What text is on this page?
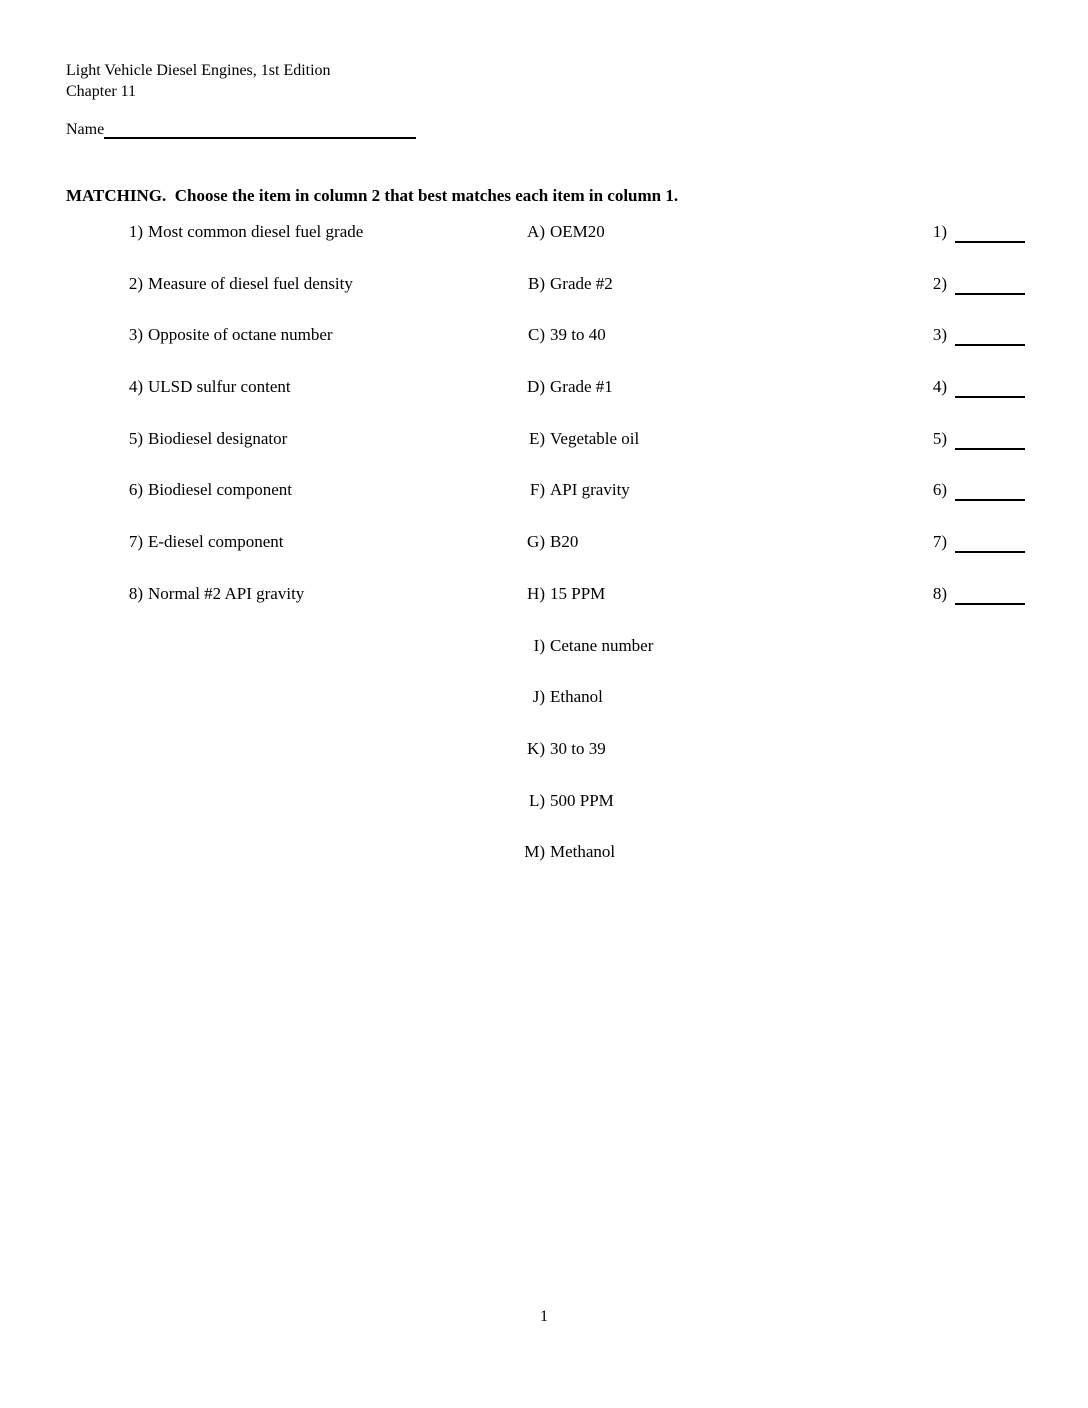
Light Vehicle Diesel Engines, 1st Edition
Chapter 11
Name
MATCHING.  Choose the item in column 2 that best matches each item in column 1.
1) Most common diesel fuel grade
2) Measure of diesel fuel density
3) Opposite of octane number
4) ULSD sulfur content
5) Biodiesel designator
6) Biodiesel component
7) E-diesel component
8) Normal #2 API gravity
A) OEM20
B) Grade #2
C) 39 to 40
D) Grade #1
E) Vegetable oil
F) API gravity
G) B20
H) 15 PPM
I) Cetane number
J) Ethanol
K) 30 to 39
L) 500 PPM
M) Methanol
1)
2)
3)
4)
5)
6)
7)
8)
1
